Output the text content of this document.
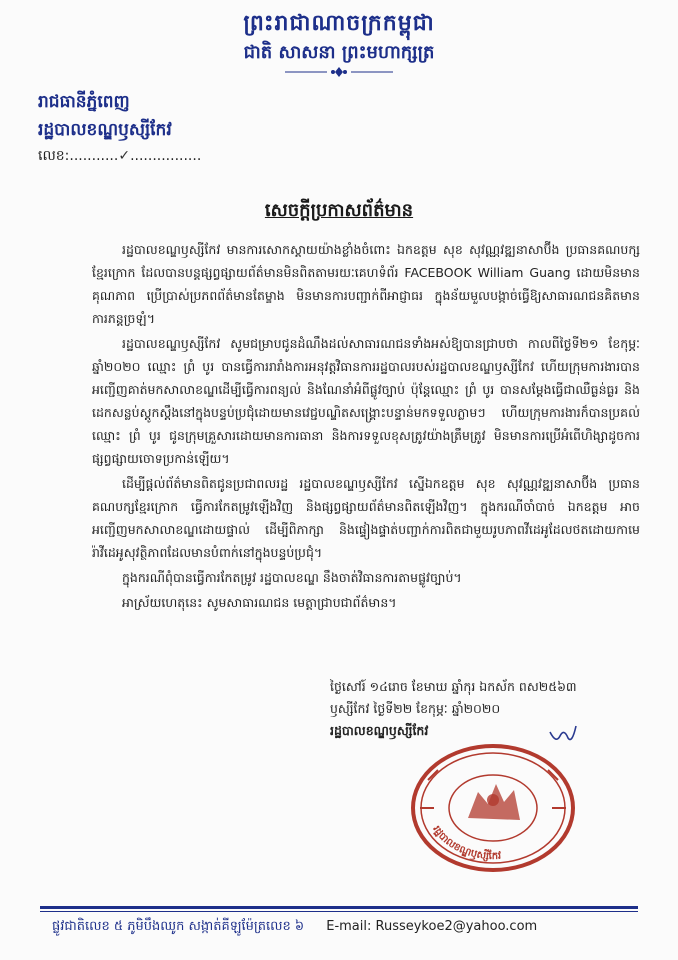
ព្រះរាជាណាចក្រកម្ពុជា
ជាតិ សាសនា ព្រះមហាក្សត្រ
រាជធានីភ្នំពេញ
រដ្ឋបាលខណ្ឌឫស្សីកែវ
លេខ:...........✓................
សេចក្ដីប្រកាសព័ត៌មាន

រដ្ឋបាលខណ្ឌឫស្សីកែវ មានការសោកស្ដាយយ៉ាងខ្លាំងចំពោះ ឯកឧត្តម សុខ សុវណ្ណវឌ្ឍនាសាប៊ីង ប្រធានគណបក្សខ្មែរក្រោក ដែលបានបន្តផ្សព្វផ្សាយព័ត៌មានមិនពិតតាមរយៈគេហទំព័រ FACEBOOK William Guang ដោយមិនមានគុណភាព ប្រើប្រាស់ប្រភពព័ត៌មានតែម្ខាង មិនមានការបញ្ជាក់ពីអាជ្ញាធរ ក្នុងន័យមួលបង្កាច់ធ្វើឱ្យសាធារណជនគិតមានការភន្តច្រឡំ។

រដ្ឋបាលខណ្ឌឫស្សីកែវ សូមជម្រាបជូនដំណឹងដល់សាធារណជនទាំងអស់ឱ្យបានជ្រាបថា កាលពីថ្ងៃទី២១ ខែកុម្ភៈ ឆ្នាំ២០២០ ឈ្មោះ ព្រំ បូរ បានធ្វើការរារាំងការអនុវត្តវិធានការរដ្ឋបាលរបស់រដ្ឋបាលខណ្ឌឫស្សីកែវ ហើយក្រុមការងារបានអញ្ជើញគាត់មកសាលាខណ្ឌដើម្បីធ្វើការពន្យល់ និងណែនាំអំពីផ្លូវច្បាប់ ប៉ុន្តែឈ្មោះ ព្រំ បូរ បានសម្ដែងធ្វើជាឈឺធ្ងន់ធ្ងរ និងដេកសន្លប់ស្ដូកស្ដឹងនៅក្នុងបន្ទប់ប្រជុំដោយមានវេជ្ជបណ្ឌិតសង្គ្រោះបន្ទាន់មកទទួលភ្លាមៗ ហើយក្រុមការងារក៏បានប្រគល់ឈ្មោះ ព្រំ បូរ ជូនក្រុមគ្រួសារដោយមានការធានា និងការទទួលខុសត្រូវយ៉ាងត្រឹមត្រូវ មិនមានការប្រើអំពើហិង្សាដូចការផ្សព្វផ្សាយចោទប្រកាន់ឡើយ។

ដើម្បីផ្ដល់ព័ត៌មានពិតជូនប្រជាពលរដ្ឋ រដ្ឋបាលខណ្ឌឫស្សីកែវ ស្នើឯកឧត្តម សុខ សុវណ្ណវឌ្ឍនាសាប៊ីង ប្រធានគណបក្សខ្មែរក្រោក ធ្វើការកែតម្រូវឡើងវិញ និងផ្សព្វផ្សាយព័ត៌មានពិតឡើងវិញ។ ក្នុងករណីចាំបាច់ ឯកឧត្តម អាចអញ្ជើញមកសាលាខណ្ឌដោយផ្ទាល់ ដើម្បីពិភាក្សា និងផ្ទៀងផ្ទាត់បញ្ជាក់ការពិតជាមួយរូបភាពវីដេអូដែលថតដោយកាមេរ៉ាវីដេអូសុវត្ថិភាពដែលមានបំពាក់នៅក្នុងបន្ទប់ប្រជុំ។

ក្នុងករណីពុំបានធ្វើការកែតម្រូវ រដ្ឋបាលខណ្ឌ នឹងចាត់វិធានការតាមផ្លូវច្បាប់។

អាស្រ័យហេតុនេះ សូមសាធារណជន មេត្តាជ្រាបជាព័ត៌មាន។

ថ្ងៃសៅរ៍ ១៤រោច ខែមាឃ ឆ្នាំកុរ ឯកស័ក ពស២៥៦៣
ឫស្សីកែវ ថ្ងៃទី២២ ខែកុម្ភៈ ឆ្នាំ២០២០
រដ្ឋបាលខណ្ឌឫស្សីកែវ
រដ្ឋបាលខណ្ឌឫស្សីកែវ
ផ្លូវជាតិលេខ ៥ ភូមិបឹងឈូក សង្កាត់គីឡូម៉ែត្រលេខ ៦ E-mail: Russeykoe2@yahoo.com
